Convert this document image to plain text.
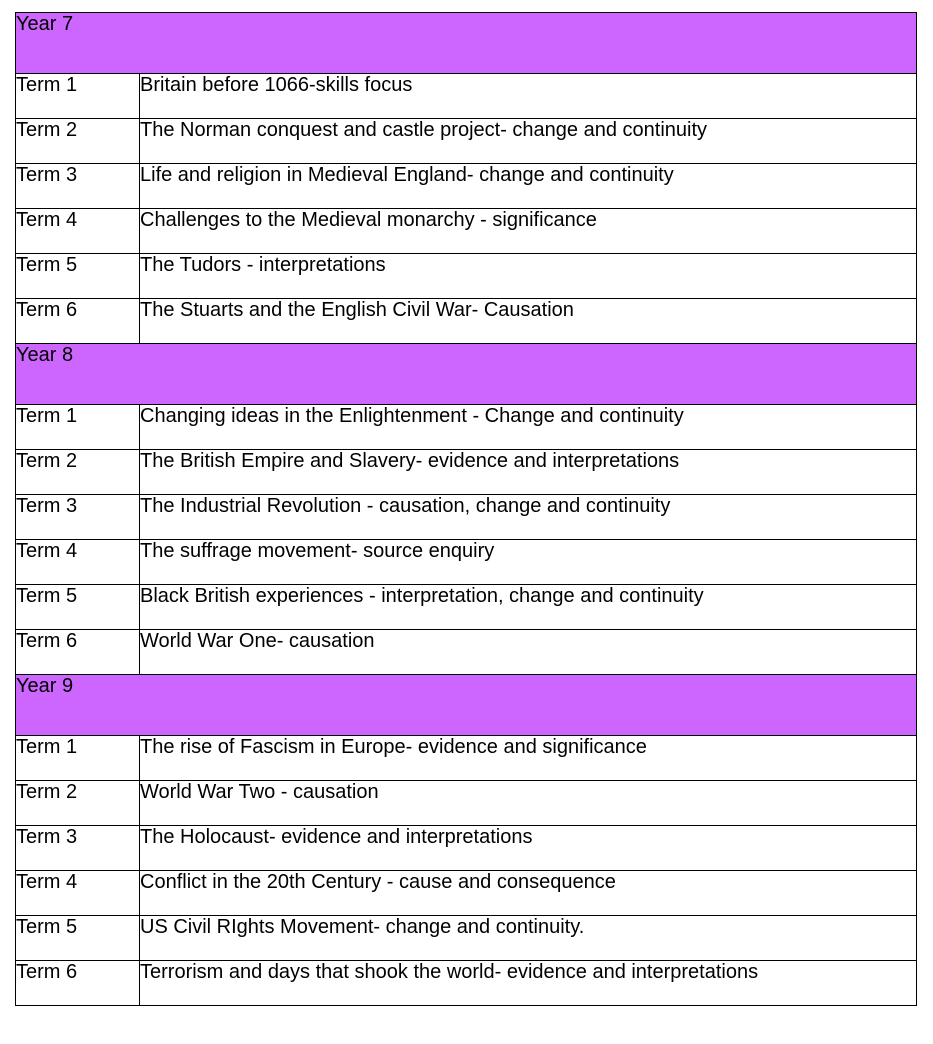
Year 7	
Term 1	Britain before 1066-skills focus
Term 2	The Norman conquest and castle project- change and continuity
Term 3	Life and religion in Medieval England- change and continuity
Term 4	Challenges to the Medieval monarchy - significance
Term 5	The Tudors - interpretations
Term 6	The Stuarts and the English Civil War- Causation
Year 8	
Term 1	Changing ideas in the Enlightenment - Change and continuity
Term 2	The British Empire and Slavery- evidence and interpretations
Term 3	The Industrial Revolution - causation, change and continuity
Term 4	The suffrage movement- source enquiry
Term 5	Black British experiences - interpretation, change and continuity
Term 6	World War One- causation
Year 9	
Term 1	The rise of Fascism in Europe- evidence and significance
Term 2	World War Two - causation
Term 3	The Holocaust- evidence and interpretations
Term 4	Conflict in the 20th Century - cause and consequence
Term 5	US Civil RIghts Movement- change and continuity.
Term 6	Terrorism and days that shook the world- evidence and interpretations
